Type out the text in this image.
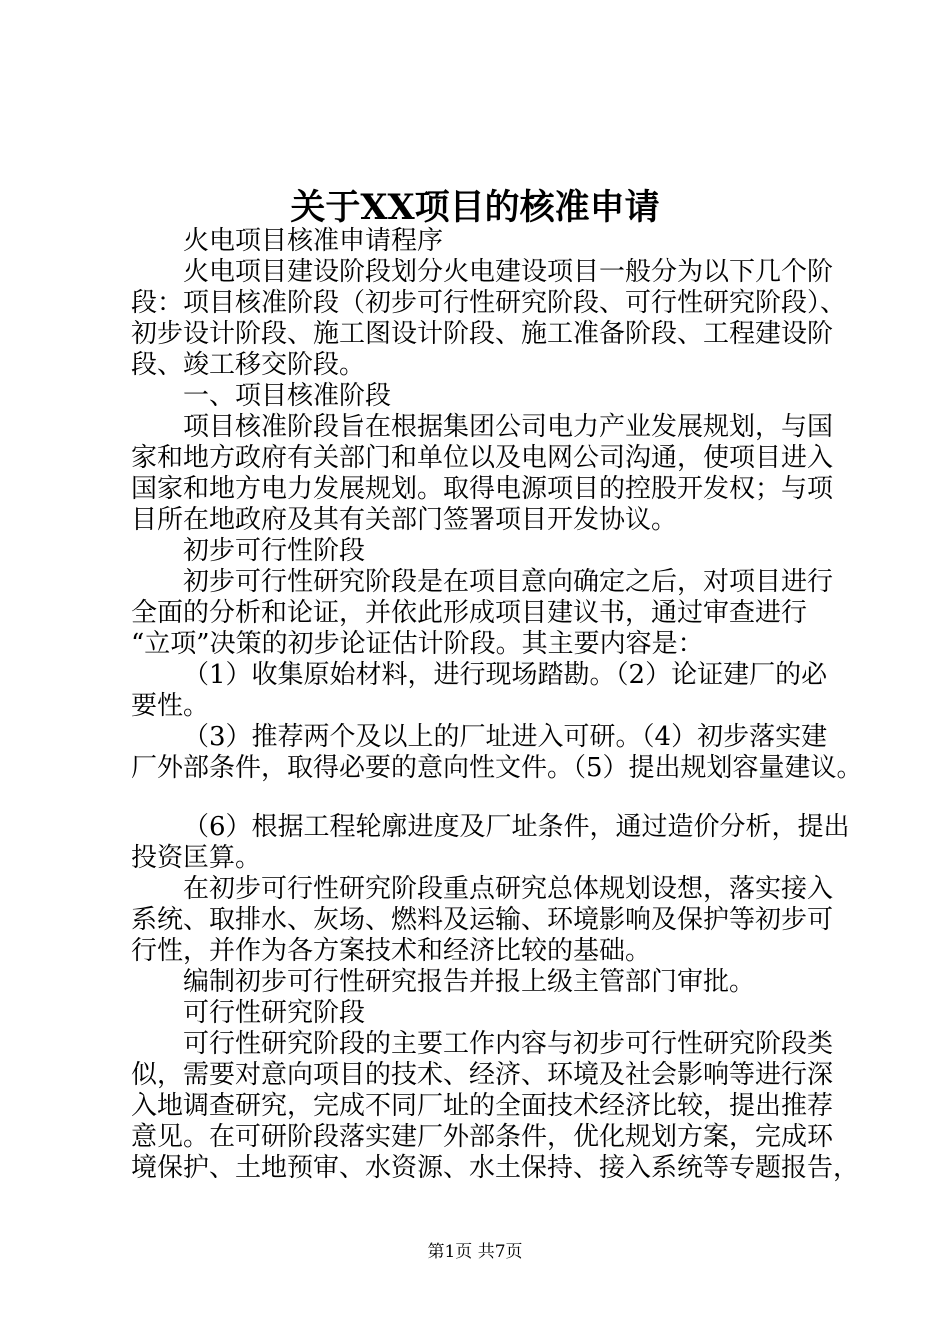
关于XX项目的核准申请

火电项目核准申请程序

火电项目建设阶段划分火电建设项目一般分为以下几个阶

段：项目核准阶段（初步可行性研究阶段、可行性研究阶段）、

初步设计阶段、施工图设计阶段、施工准备阶段、工程建设阶

段、竣工移交阶段。

一、项目核准阶段

项目核准阶段旨在根据集团公司电力产业发展规划，与国

家和地方政府有关部门和单位以及电网公司沟通，使项目进入

国家和地方电力发展规划。取得电源项目的控股开发权；与项

目所在地政府及其有关部门签署项目开发协议。

初步可行性阶段

初步可行性研究阶段是在项目意向确定之后，对项目进行

全面的分析和论证，并依此形成项目建议书，通过审查进行

“立项”决策的初步论证估计阶段。其主要内容是：

（1）收集原始材料，进行现场踏勘。（2）论证建厂的必

要性。

（3）推荐两个及以上的厂址进入可研。（4）初步落实建

厂外部条件，取得必要的意向性文件。（5）提出规划容量建议。

（6）根据工程轮廓进度及厂址条件，通过造价分析，提出

投资匡算。

在初步可行性研究阶段重点研究总体规划设想，落实接入

系统、取排水、灰场、燃料及运输、环境影响及保护等初步可

行性，并作为各方案技术和经济比较的基础。

编制初步可行性研究报告并报上级主管部门审批。

可行性研究阶段

可行性研究阶段的主要工作内容与初步可行性研究阶段类

似，需要对意向项目的技术、经济、环境及社会影响等进行深

入地调查研究，完成不同厂址的全面技术经济比较，提出推荐

意见。在可研阶段落实建厂外部条件，优化规划方案，完成环

境保护、土地预审、水资源、水土保持、接入系统等专题报告，

第1页 共7页
